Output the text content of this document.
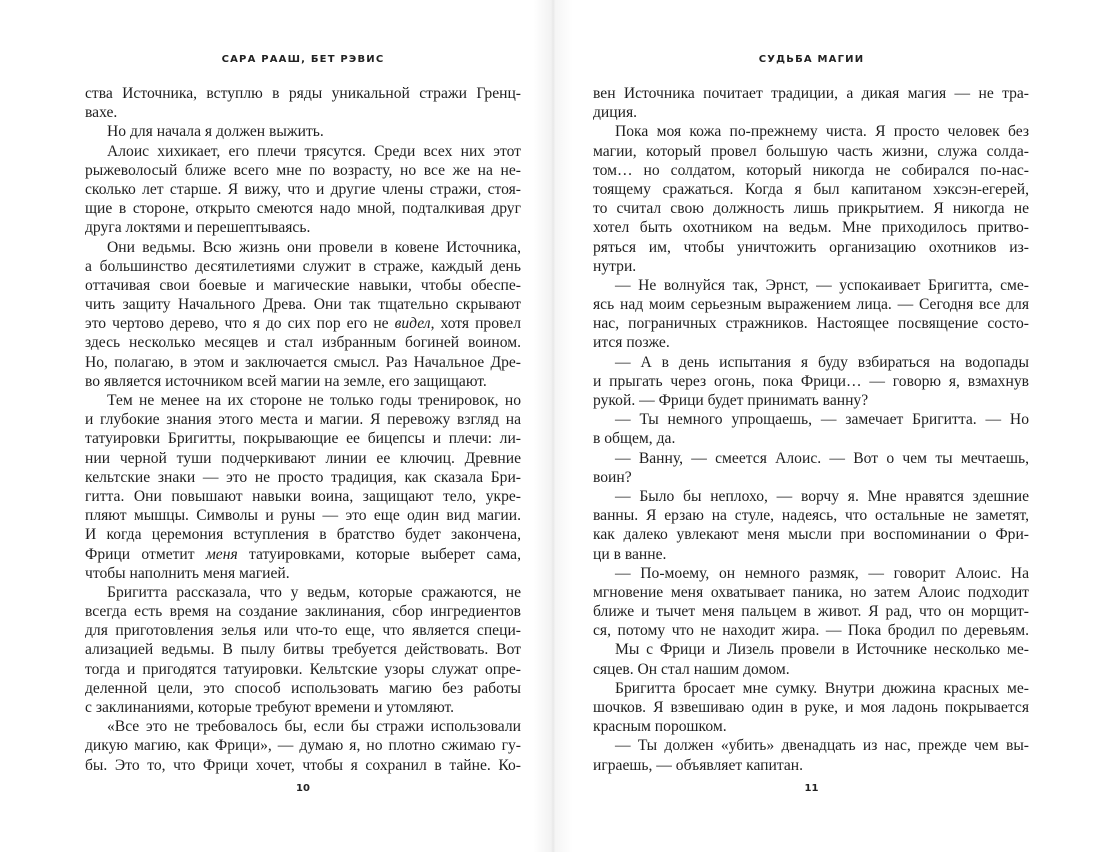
САРА РААШ, БЕТ РЭВИС
ства Источника, вступлю в ряды уникальной стражи Гренц-
вахе.
Но для начала я должен выжить.
Алоис хихикает, его плечи трясутся. Среди всех них этот
рыжеволосый ближе всего мне по возрасту, но все же на не-
сколько лет старше. Я вижу, что и другие члены стражи, стоя-
щие в стороне, открыто смеются надо мной, подталкивая друг
друга локтями и перешептываясь.
Они ведьмы. Всю жизнь они провели в ковене Источника,
а большинство десятилетиями служит в страже, каждый день
оттачивая свои боевые и магические навыки, чтобы обеспе-
чить защиту Начального Древа. Они так тщательно скрывают
это чертово дерево, что я до сих пор его не видел, хотя провел
здесь несколько месяцев и стал избранным богиней воином.
Но, полагаю, в этом и заключается смысл. Раз Начальное Дре-
во является источником всей магии на земле, его защищают.
Тем не менее на их стороне не только годы тренировок, но
и глубокие знания этого места и магии. Я перевожу взгляд на
татуировки Бригитты, покрывающие ее бицепсы и плечи: ли-
нии черной туши подчеркивают линии ее ключиц. Древние
кельтские знаки — это не просто традиция, как сказала Бри-
гитта. Они повышают навыки воина, защищают тело, укре-
пляют мышцы. Символы и руны — это еще один вид магии.
И когда церемония вступления в братство будет закончена,
Фрици отметит меня татуировками, которые выберет сама,
чтобы наполнить меня магией.
Бригитта рассказала, что у ведьм, которые сражаются, не
всегда есть время на создание заклинания, сбор ингредиентов
для приготовления зелья или что-то еще, что является специ-
ализацией ведьмы. В пылу битвы требуется действовать. Вот
тогда и пригодятся татуировки. Кельтские узоры служат опре-
деленной цели, это способ использовать магию без работы
с заклинаниями, которые требуют времени и утомляют.
«Все это не требовалось бы, если бы стражи использовали
дикую магию, как Фрици», — думаю я, но плотно сжимаю гу-
бы. Это то, что Фрици хочет, чтобы я сохранил в тайне. Ко-
10
СУДЬБА МАГИИ
вен Источника почитает традиции, а дикая магия — не тра-
диция.
Пока моя кожа по-прежнему чиста. Я просто человек без
магии, который провел большую часть жизни, служа солда-
том… но солдатом, который никогда не собирался по-нас-
тоящему сражаться. Когда я был капитаном хэксэн-егерей,
то считал свою должность лишь прикрытием. Я никогда не
хотел быть охотником на ведьм. Мне приходилось притво-
ряться им, чтобы уничтожить организацию охотников из-
нутри.
— Не волнуйся так, Эрнст, — успокаивает Бригитта, сме-
ясь над моим серьезным выражением лица. — Сегодня все для
нас, пограничных стражников. Настоящее посвящение состо-
ится позже.
— А в день испытания я буду взбираться на водопады
и прыгать через огонь, пока Фрици… — говорю я, взмахнув
рукой. — Фрици будет принимать ванну?
— Ты немного упрощаешь, — замечает Бригитта. — Но
в общем, да.
— Ванну, — смеется Алоис. — Вот о чем ты мечтаешь,
воин?
— Было бы неплохо, — ворчу я. Мне нравятся здешние
ванны. Я ерзаю на стуле, надеясь, что остальные не заметят,
как далеко увлекают меня мысли при воспоминании о Фри-
ци в ванне.
— По-моему, он немного размяк, — говорит Алоис. На
мгновение меня охватывает паника, но затем Алоис подходит
ближе и тычет меня пальцем в живот. Я рад, что он морщит-
ся, потому что не находит жира. — Пока бродил по деревьям.
Мы с Фрици и Лизель провели в Источнике несколько ме-
сяцев. Он стал нашим домом.
Бригитта бросает мне сумку. Внутри дюжина красных ме-
шочков. Я взвешиваю один в руке, и моя ладонь покрывается
красным порошком.
— Ты должен «убить» двенадцать из нас, прежде чем вы-
играешь, — объявляет капитан.
11
